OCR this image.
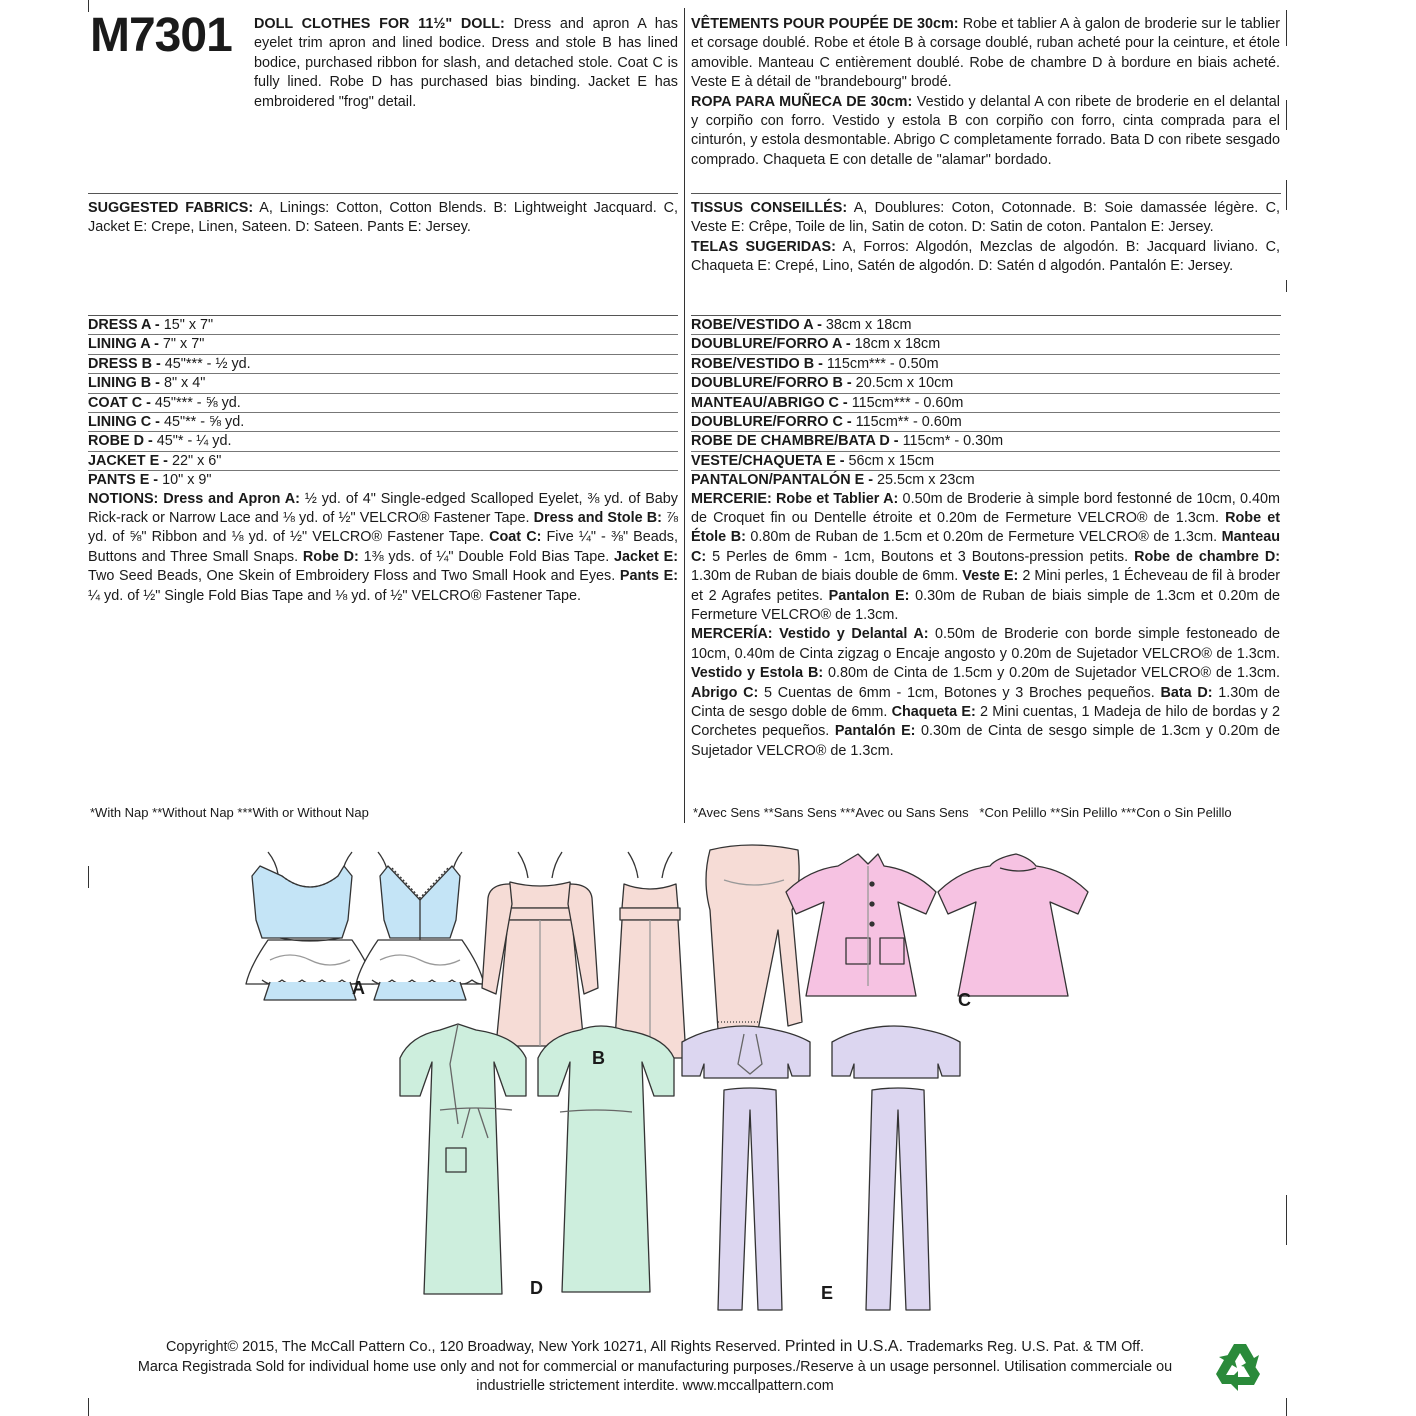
M7301 DOLL CLOTHES FOR 11½" DOLL: Dress and apron A has eyelet trim apron and lined bodice. Dress and stole B has lined bodice, purchased ribbon for slash, and detached stole. Coat C is fully lined. Robe D has purchased bias binding. Jacket E has embroidered "frog" detail.

VÊTEMENTS POUR POUPÉE DE 30cm: Robe et tablier A à galon de broderie sur le tablier et corsage doublé. Robe et étole B à corsage doublé, ruban acheté pour la ceinture, et étole amovible. Manteau C entièrement doublé. Robe de chambre D à bordure en biais acheté. Veste E à détail de "brandebourg" brodé.

ROPA PARA MUÑECA DE 30cm: Vestido y delantal A con ribete de broderie en el delantal y corpiño con forro. Vestido y estola B con corpiño con forro, cinta comprada para el cinturón, y estola desmontable. Abrigo C completamente forrado. Bata D con ribete sesgado comprado. Chaqueta E con detalle de "alamar" bordado.

SUGGESTED FABRICS: A, Linings: Cotton, Cotton Blends. B: Lightweight Jacquard. C, Jacket E: Crepe, Linen, Sateen. D: Sateen. Pants E: Jersey.

TISSUS CONSEILLÉS: A, Doublures: Coton, Cotonnade. B: Soie damassée légère. C, Veste E: Crêpe, Toile de lin, Satin de coton. D: Satin de coton. Pantalon E: Jersey.

TELAS SUGERIDAS: A, Forros: Algodón, Mezclas de algodón. B: Jacquard liviano. C, Chaqueta E: Crepé, Lino, Satén de algodón. D: Satén d algodón. Pantalón E: Jersey.

DRESS A - 15" x 7"
LINING A - 7" x 7"
DRESS B - 45"*** - ½ yd.
LINING B - 8" x 4"
COAT C - 45"*** - ⅝ yd.
LINING C - 45"** - ⅝ yd.
ROBE D - 45"* - ¼ yd.
JACKET E - 22" x 6"
PANTS E - 10" x 9"

NOTIONS: Dress and Apron A: ½ yd. of 4" Single-edged Scalloped Eyelet, ⅜ yd. of Baby Rick-rack or Narrow Lace and ⅛ yd. of ½" VELCRO® Fastener Tape. Dress and Stole B: ⅞ yd. of ⅝" Ribbon and ⅛ yd. of ½" VELCRO® Fastener Tape. Coat C: Five ¼" - ⅜" Beads, Buttons and Three Small Snaps. Robe D: 1⅜ yds. of ¼" Double Fold Bias Tape. Jacket E: Two Seed Beads, One Skein of Embroidery Floss and Two Small Hook and Eyes. Pants E: ¼ yd. of ½" Single Fold Bias Tape and ⅛ yd. of ½" VELCRO® Fastener Tape.

ROBE/VESTIDO A - 38cm x 18cm
DOUBLURE/FORRO A - 18cm x 18cm
ROBE/VESTIDO B - 115cm*** - 0.50m
DOUBLURE/FORRO B - 20.5cm x 10cm
MANTEAU/ABRIGO C - 115cm*** - 0.60m
DOUBLURE/FORRO C - 115cm** - 0.60m
ROBE DE CHAMBRE/BATA D - 115cm* - 0.30m
VESTE/CHAQUETA E - 56cm x 15cm
PANTALON/PANTALÓN E - 25.5cm x 23cm

MERCERIE: Robe et Tablier A: 0.50m de Broderie à simple bord festonné de 10cm, 0.40m de Croquet fin ou Dentelle étroite et 0.20m de Fermeture VELCRO® de 1.3cm. Robe et Étole B: 0.80m de Ruban de 1.5cm et 0.20m de Fermeture VELCRO® de 1.3cm. Manteau C: 5 Perles de 6mm - 1cm, Boutons et 3 Boutons-pression petits. Robe de chambre D: 1.30m de Ruban de biais double de 6mm. Veste E: 2 Mini perles, 1 Écheveau de fil à broder et 2 Agrafes petites. Pantalon E: 0.30m de Ruban de biais simple de 1.3cm et 0.20m de Fermeture VELCRO® de 1.3cm.

MERCERÍA: Vestido y Delantal A: 0.50m de Broderie con borde simple festoneado de 10cm, 0.40m de Cinta zigzag o Encaje angosto y 0.20m de Sujetador VELCRO® de 1.3cm. Vestido y Estola B: 0.80m de Cinta de 1.5cm y 0.20m de Sujetador VELCRO® de 1.3cm. Abrigo C: 5 Cuentas de 6mm - 1cm, Botones y 3 Broches pequeños. Bata D: 1.30m de Cinta de sesgo doble de 6mm. Chaqueta E: 2 Mini cuentas, 1 Madeja de hilo de bordas y 2 Corchetes pequeños. Pantalón E: 0.30m de Cinta de sesgo simple de 1.3cm y 0.20m de Sujetador VELCRO® de 1.3cm.

*With Nap **Without Nap ***With or Without Nap	*Avec Sens **Sans Sens ***Avec ou Sans Sens   *Con Pelillo **Sin Pelillo ***Con o Sin Pelillo
A
B
C
D	E
Copyright© 2015, The McCall Pattern Co., 120 Broadway, New York 10271, All Rights Reserved. Printed in U.S.A. Trademarks Reg. U.S. Pat. & TM Off.
Marca Registrada Sold for individual home use only and not for commercial or manufacturing purposes./Reserve à un usage personnel. Utilisation commerciale ou
industrielle strictement interdite. www.mccallpattern.com
